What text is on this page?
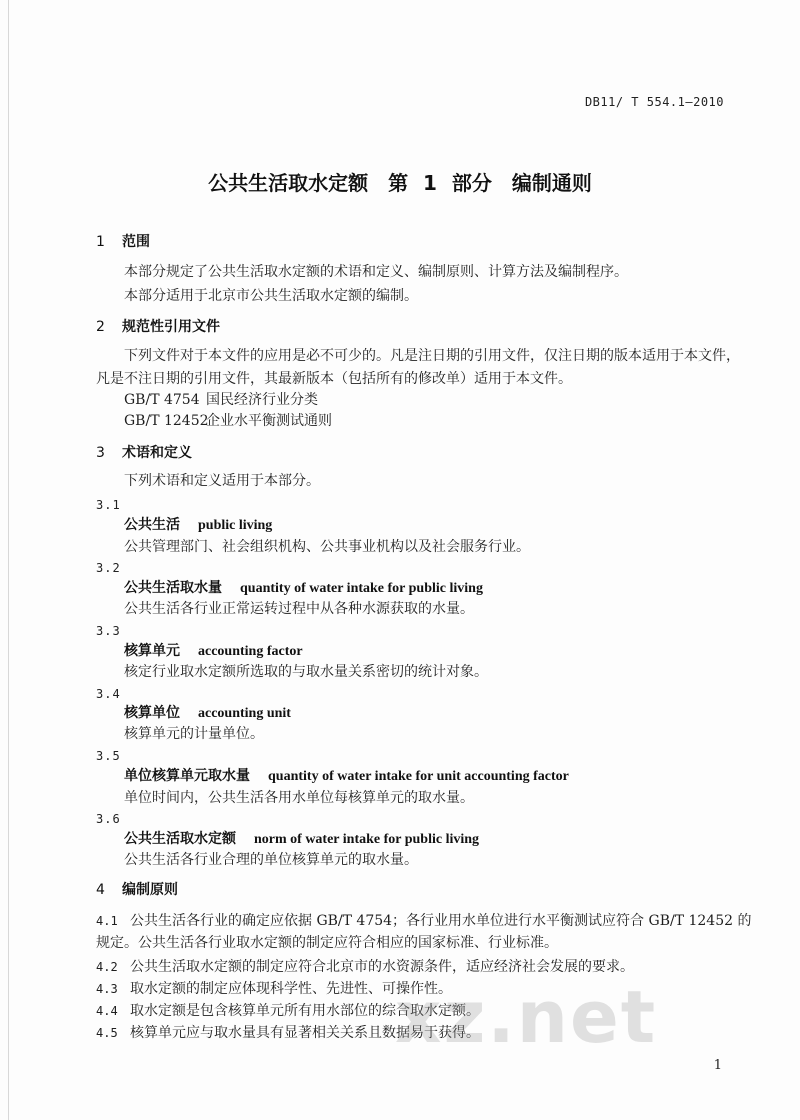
DB11/ T 554.1—2010
公共生活取水定额　第 1 部分　编制通则
1 范围
本部分规定了公共生活取水定额的术语和定义、编制原则、计算方法及编制程序。
本部分适用于北京市公共生活取水定额的编制。
2 规范性引用文件
下列文件对于本文件的应用是必不可少的。凡是注日期的引用文件，仅注日期的版本适用于本文件，
凡是不注日期的引用文件，其最新版本（包括所有的修改单）适用于本文件。
GB/T 4754 国民经济行业分类
GB/T 12452企业水平衡测试通则
3 术语和定义
下列术语和定义适用于本部分。
3.1
公共生活 public living
公共管理部门、社会组织机构、公共事业机构以及社会服务行业。
3.2
公共生活取水量 quantity of water intake for public living
公共生活各行业正常运转过程中从各种水源获取的水量。
3.3
核算单元 accounting factor
核定行业取水定额所选取的与取水量关系密切的统计对象。
3.4
核算单位 accounting unit
核算单元的计量单位。
3.5
单位核算单元取水量 quantity of water intake for unit accounting factor
单位时间内，公共生活各用水单位每核算单元的取水量。
3.6
公共生活取水定额 norm of water intake for public living
公共生活各行业合理的单位核算单元的取水量。
4 编制原则
4.1 公共生活各行业的确定应依据 GB/T 4754；各行业用水单位进行水平衡测试应符合 GB/T 12452 的
规定。公共生活各行业取水定额的制定应符合相应的国家标准、行业标准。
4.2 公共生活取水定额的制定应符合北京市的水资源条件，适应经济社会发展的要求。
4.3 取水定额的制定应体现科学性、先进性、可操作性。
4.4 取水定额是包含核算单元所有用水部位的综合取水定额。
4.5 核算单元应与取水量具有显著相关关系且数据易于获得。
xz.net
1
